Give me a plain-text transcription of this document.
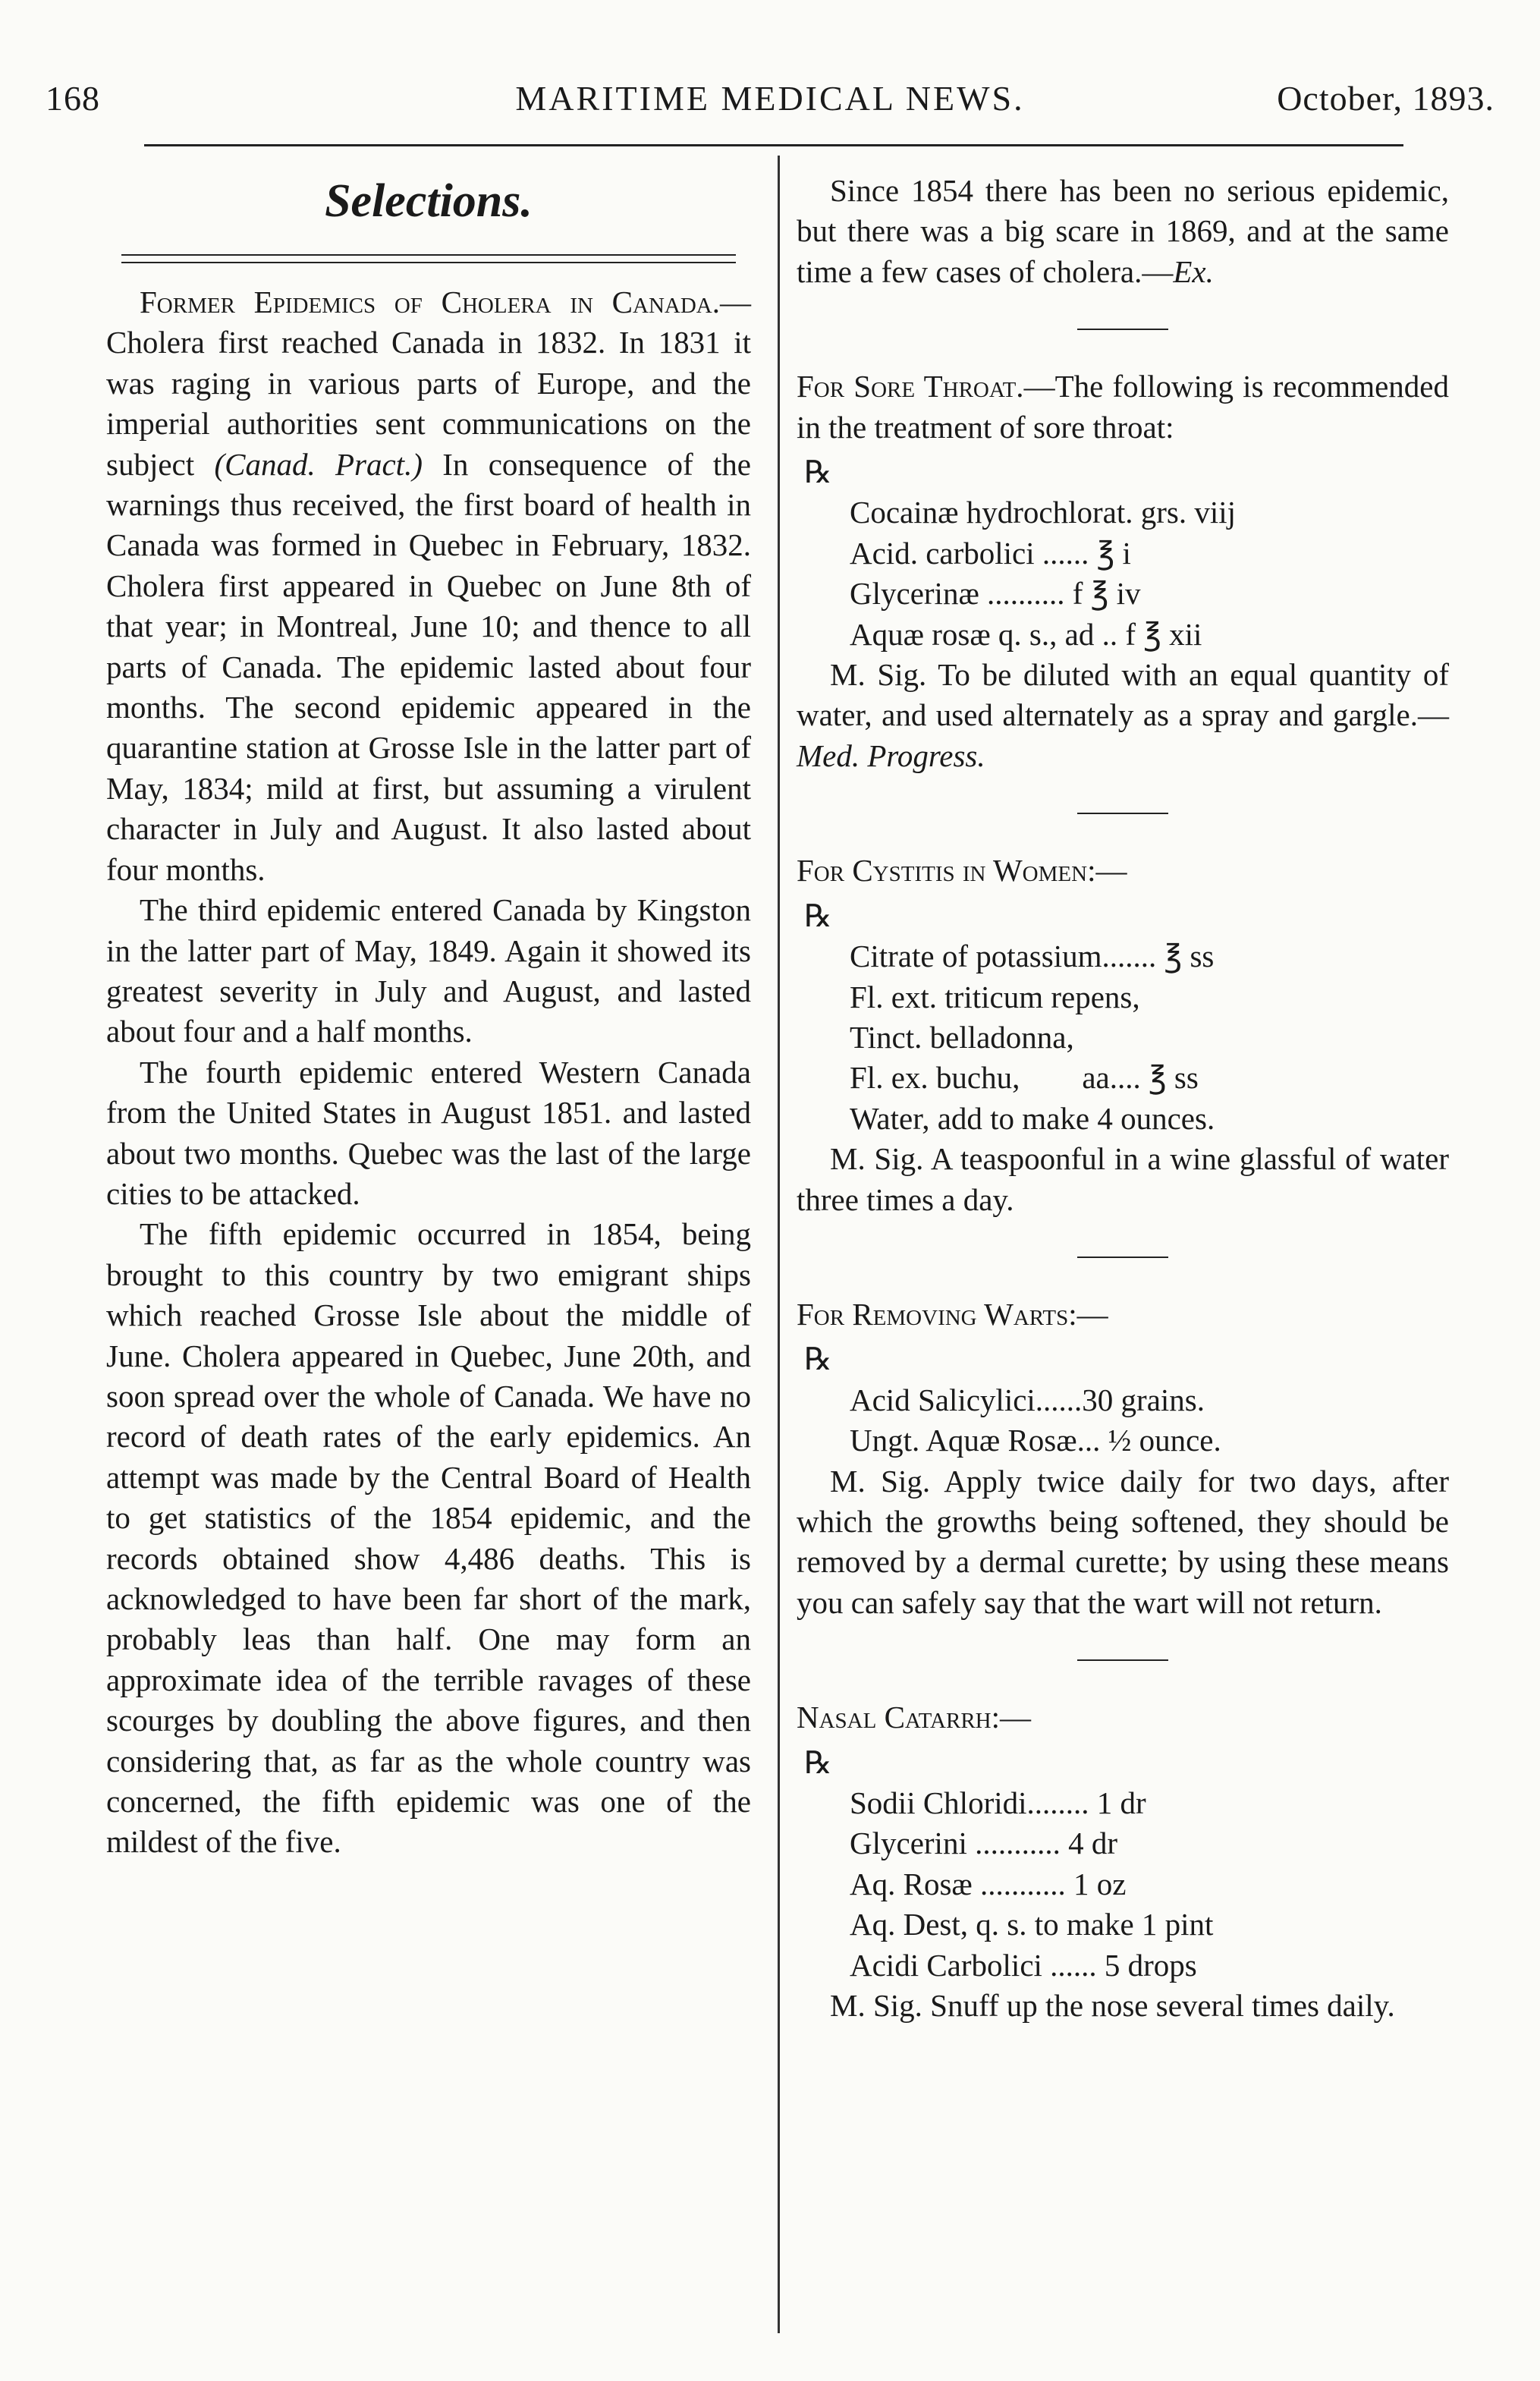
168	MARITIME MEDICAL NEWS.	October, 1893.
Selections.

Former Epidemics of Cholera in Canada.—Cholera first reached Canada in 1832. In 1831 it was raging in various parts of Europe, and the imperial authorities sent communications on the subject (Canad. Pract.) In consequence of the warnings thus received, the first board of health in Canada was formed in Quebec in February, 1832. Cholera first appeared in Quebec on June 8th of that year; in Montreal, June 10; and thence to all parts of Canada. The epidemic lasted about four months. The second epidemic appeared in the quarantine station at Grosse Isle in the latter part of May, 1834; mild at first, but assuming a virulent character in July and August. It also lasted about four months.

The third epidemic entered Canada by Kingston in the latter part of May, 1849. Again it showed its greatest severity in July and August, and lasted about four and a half months.

The fourth epidemic entered Western Canada from the United States in August 1851. and lasted about two months. Quebec was the last of the large cities to be attacked.

The fifth epidemic occurred in 1854, being brought to this country by two emigrant ships which reached Grosse Isle about the middle of June. Cholera appeared in Quebec, June 20th, and soon spread over the whole of Canada. We have no record of death rates of the early epidemics. An attempt was made by the Central Board of Health to get statistics of the 1854 epidemic, and the records obtained show 4,486 deaths. This is acknowledged to have been far short of the mark, probably leas than half. One may form an approximate idea of the terrible ravages of these scourges by doubling the above figures, and then considering that, as far as the whole country was concerned, the fifth epidemic was one of the mildest of the five.

Since 1854 there has been no serious epidemic, but there was a big scare in 1869, and at the same time a few cases of cholera.—Ex.

For Sore Throat.—The following is recommended in the treatment of sore throat:

℞
Cocainæ hydrochlorat. grs. viij
Acid. carbolici ...... ℥ i
Glycerinæ .......... f ℥ iv
Aquæ rosæ q. s., ad .. f ℥ xii

M. Sig. To be diluted with an equal quantity of water, and used alternately as a spray and gargle.—Med. Progress.

For Cystitis in Women:—

℞
Citrate of potassium....... ℥ ss
Fl. ext. triticum repens,
Tinct. belladonna,
Fl. ex. buchu,        aa.... ℥ ss
Water, add to make 4 ounces.

M. Sig. A teaspoonful in a wine glassful of water three times a day.

For Removing Warts:—

℞
Acid Salicylici......30 grains.
Ungt. Aquæ Rosæ... ½ ounce.

M. Sig. Apply twice daily for two days, after which the growths being softened, they should be removed by a dermal curette; by using these means you can safely say that the wart will not return.

Nasal Catarrh:—

℞
Sodii Chloridi........ 1 dr
Glycerini ........... 4 dr
Aq. Rosæ ........... 1 oz
Aq. Dest, q. s. to make 1 pint
Acidi Carbolici ...... 5 drops

M. Sig. Snuff up the nose several times daily.
